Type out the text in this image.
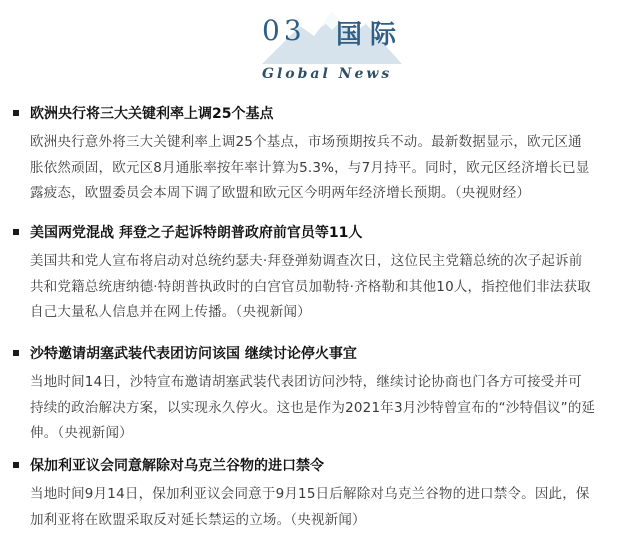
03 国际
Global News
欧洲央行将三大关键利率上调25个基点
欧洲央行意外将三大关键利率上调25个基点，市场预期按兵不动。最新数据显示，欧元区通
胀依然顽固，欧元区8月通胀率按年率计算为5.3%，与7月持平。同时，欧元区经济增长已显
露疲态，欧盟委员会本周下调了欧盟和欧元区今明两年经济增长预期。（央视财经）
美国两党混战 拜登之子起诉特朗普政府前官员等11人
美国共和党人宣布将启动对总统约瑟夫·拜登弹劾调查次日，这位民主党籍总统的次子起诉前
共和党籍总统唐纳德·特朗普执政时的白宫官员加勒特·齐格勒和其他10人，指控他们非法获取
自己大量私人信息并在网上传播。（央视新闻）
沙特邀请胡塞武装代表团访问该国 继续讨论停火事宜
当地时间14日，沙特宣布邀请胡塞武装代表团访问沙特，继续讨论协商也门各方可接受并可
持续的政治解决方案，以实现永久停火。这也是作为2021年3月沙特曾宣布的“沙特倡议”的延
伸。（央视新闻）
保加利亚议会同意解除对乌克兰谷物的进口禁令
当地时间9月14日，保加利亚议会同意于9月15日后解除对乌克兰谷物的进口禁令。因此，保
加利亚将在欧盟采取反对延长禁运的立场。（央视新闻）
